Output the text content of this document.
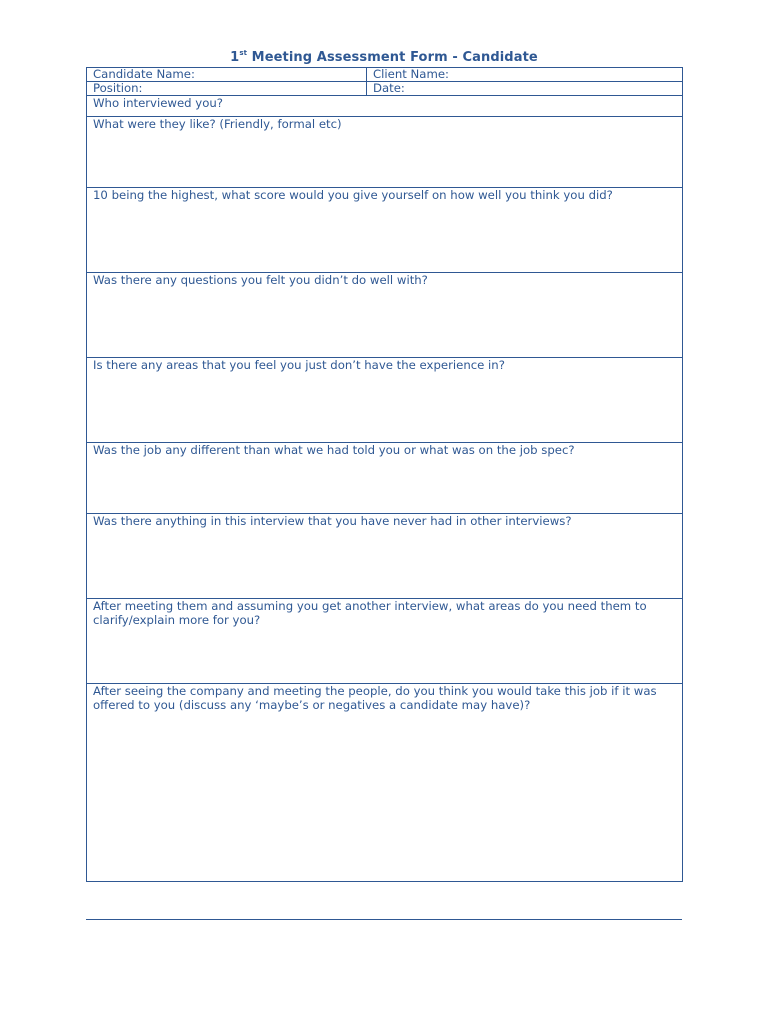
1st Meeting Assessment Form - Candidate
Candidate Name:	Client Name:
Position:	Date:
Who interviewed you?	
What were they like? (Friendly, formal etc)	
10 being the highest, what score would you give yourself on how well you think you did?	
Was there any questions you felt you didn’t do well with?	
Is there any areas that you feel you just don’t have the experience in?	
Was the job any different than what we had told you or what was on the job spec?	
Was there anything in this interview that you have never had in other interviews?	
After meeting them and assuming you get another interview, what areas do you need them to clarify/explain more for you?	
After seeing the company and meeting the people, do you think you would take this job if it was offered to you (discuss any ‘maybe’s or negatives a candidate may have)?	
